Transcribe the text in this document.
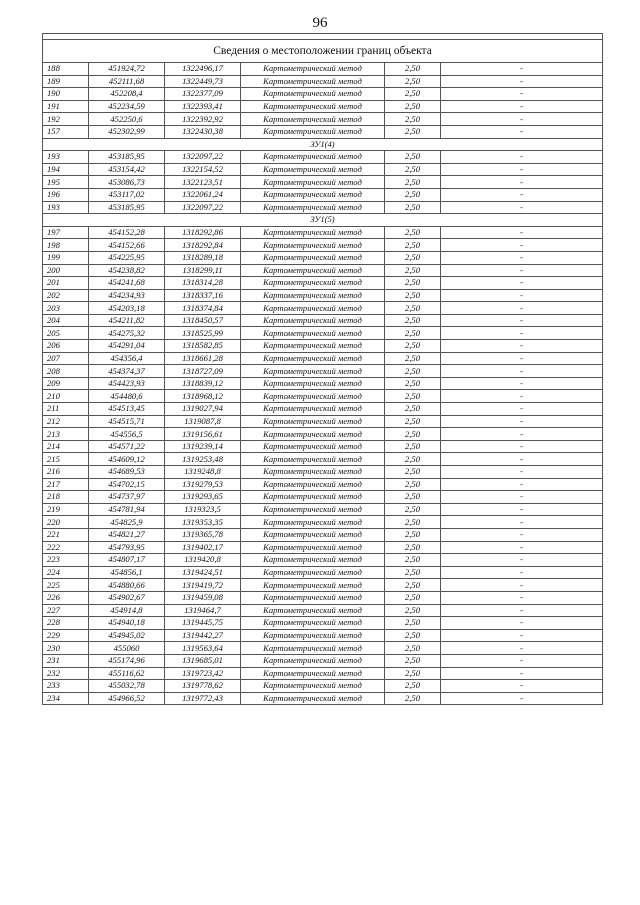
96

Сведения о местоположении границ объекта					
188	451924,72	1322496,17	Картометрический метод	2,50	-
189	452111,68	1322449,73	Картометрический метод	2,50	-
190	452208,4	1322377,09	Картометрический метод	2,50	-
191	452234,59	1322393,41	Картометрический метод	2,50	-
192	452250,6	1322392,92	Картометрический метод	2,50	-
157	452302,99	1322430,38	Картометрический метод	2,50	-
ЗУ1(4)					
193	453185,95	1322097,22	Картометрический метод	2,50	-
194	453154,42	1322154,52	Картометрический метод	2,50	-
195	453086,73	1322123,51	Картометрический метод	2,50	-
196	453117,02	1322061,24	Картометрический метод	2,50	-
193	453185,95	1322097,22	Картометрический метод	2,50	-
ЗУ1(5)					
197	454152,28	1318292,86	Картометрический метод	2,50	-
198	454152,66	1318292,84	Картометрический метод	2,50	-
199	454225,95	1318289,18	Картометрический метод	2,50	-
200	454238,82	1318299,11	Картометрический метод	2,50	-
201	454241,68	1318314,28	Картометрический метод	2,50	-
202	454234,93	1318337,16	Картометрический метод	2,50	-
203	454203,18	1318374,84	Картометрический метод	2,50	-
204	454211,82	1318450,57	Картометрический метод	2,50	-
205	454275,32	1318525,99	Картометрический метод	2,50	-
206	454291,04	1318582,85	Картометрический метод	2,50	-
207	454356,4	1318661,28	Картометрический метод	2,50	-
208	454374,37	1318727,09	Картометрический метод	2,50	-
209	454423,93	1318839,12	Картометрический метод	2,50	-
210	454480,6	1318968,12	Картометрический метод	2,50	-
211	454513,45	1319027,94	Картометрический метод	2,50	-
212	454515,71	1319087,8	Картометрический метод	2,50	-
213	454556,5	1319156,61	Картометрический метод	2,50	-
214	454571,22	1319239,14	Картометрический метод	2,50	-
215	454609,12	1319253,48	Картометрический метод	2,50	-
216	454689,53	1319248,8	Картометрический метод	2,50	-
217	454702,15	1319279,53	Картометрический метод	2,50	-
218	454737,97	1319293,65	Картометрический метод	2,50	-
219	454781,94	1319323,5	Картометрический метод	2,50	-
220	454825,9	1319353,35	Картометрический метод	2,50	-
221	454821,27	1319365,78	Картометрический метод	2,50	-
222	454793,95	1319402,17	Картометрический метод	2,50	-
223	454807,17	1319420,8	Картометрический метод	2,50	-
224	454856,1	1319424,51	Картометрический метод	2,50	-
225	454880,66	1319419,72	Картометрический метод	2,50	-
226	454902,67	1319459,08	Картометрический метод	2,50	-
227	454914,8	1319464,7	Картометрический метод	2,50	-
228	454940,18	1319445,75	Картометрический метод	2,50	-
229	454945,02	1319442,27	Картометрический метод	2,50	-
230	455060	1319563,64	Картометрический метод	2,50	-
231	455174,96	1319685,01	Картометрический метод	2,50	-
232	455116,62	1319723,42	Картометрический метод	2,50	-
233	455032,78	1319778,62	Картометрический метод	2,50	-
234	454966,52	1319772,43	Картометрический метод	2,50	-
